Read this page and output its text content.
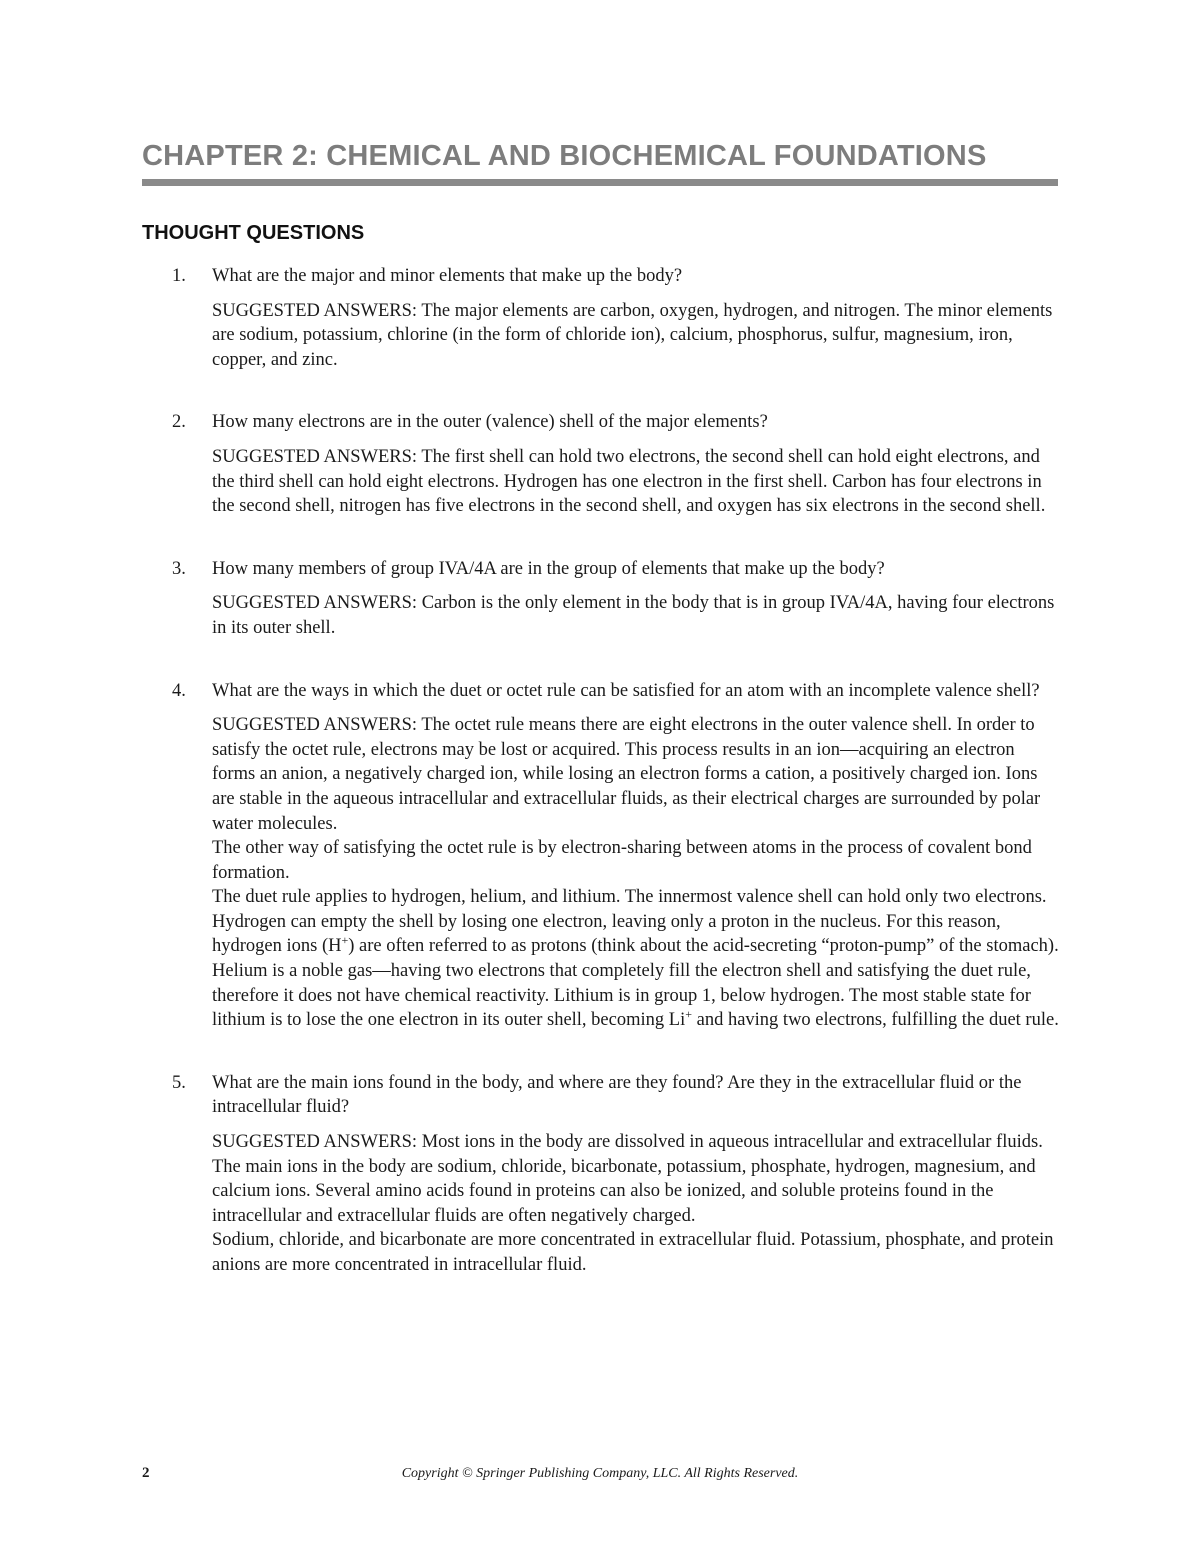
CHAPTER 2: CHEMICAL AND BIOCHEMICAL FOUNDATIONS
THOUGHT QUESTIONS
1. What are the major and minor elements that make up the body?

SUGGESTED ANSWERS: The major elements are carbon, oxygen, hydrogen, and nitrogen. The minor elements are sodium, potassium, chlorine (in the form of chloride ion), calcium, phosphorus, sulfur, magnesium, iron, copper, and zinc.

2. How many electrons are in the outer (valence) shell of the major elements?

SUGGESTED ANSWERS: The first shell can hold two electrons, the second shell can hold eight electrons, and the third shell can hold eight electrons. Hydrogen has one electron in the first shell. Carbon has four electrons in the second shell, nitrogen has five electrons in the second shell, and oxygen has six electrons in the second shell.

3. How many members of group IVA/4A are in the group of elements that make up the body?

SUGGESTED ANSWERS: Carbon is the only element in the body that is in group IVA/4A, having four electrons in its outer shell.

4. What are the ways in which the duet or octet rule can be satisfied for an atom with an incomplete valence shell?

SUGGESTED ANSWERS: The octet rule means there are eight electrons in the outer valence shell. In order to satisfy the octet rule, electrons may be lost or acquired. This process results in an ion—acquiring an electron forms an anion, a negatively charged ion, while losing an electron forms a cation, a positively charged ion. Ions are stable in the aqueous intracellular and extracellular fluids, as their electrical charges are surrounded by polar water molecules.

The other way of satisfying the octet rule is by electron-sharing between atoms in the process of covalent bond formation.

The duet rule applies to hydrogen, helium, and lithium. The innermost valence shell can hold only two electrons. Hydrogen can empty the shell by losing one electron, leaving only a proton in the nucleus. For this reason, hydrogen ions (H+) are often referred to as protons (think about the acid-secreting “proton-pump” of the stomach). Helium is a noble gas—having two electrons that completely fill the electron shell and satisfying the duet rule, therefore it does not have chemical reactivity. Lithium is in group 1, below hydrogen. The most stable state for lithium is to lose the one electron in its outer shell, becoming Li+ and having two electrons, fulfilling the duet rule.

5. What are the main ions found in the body, and where are they found? Are they in the extracellular fluid or the intracellular fluid?

SUGGESTED ANSWERS: Most ions in the body are dissolved in aqueous intracellular and extracellular fluids. The main ions in the body are sodium, chloride, bicarbonate, potassium, phosphate, hydrogen, magnesium, and calcium ions. Several amino acids found in proteins can also be ionized, and soluble proteins found in the intracellular and extracellular fluids are often negatively charged.

Sodium, chloride, and bicarbonate are more concentrated in extracellular fluid. Potassium, phosphate, and protein anions are more concentrated in intracellular fluid.

2	Copyright © Springer Publishing Company, LLC. All Rights Reserved.
